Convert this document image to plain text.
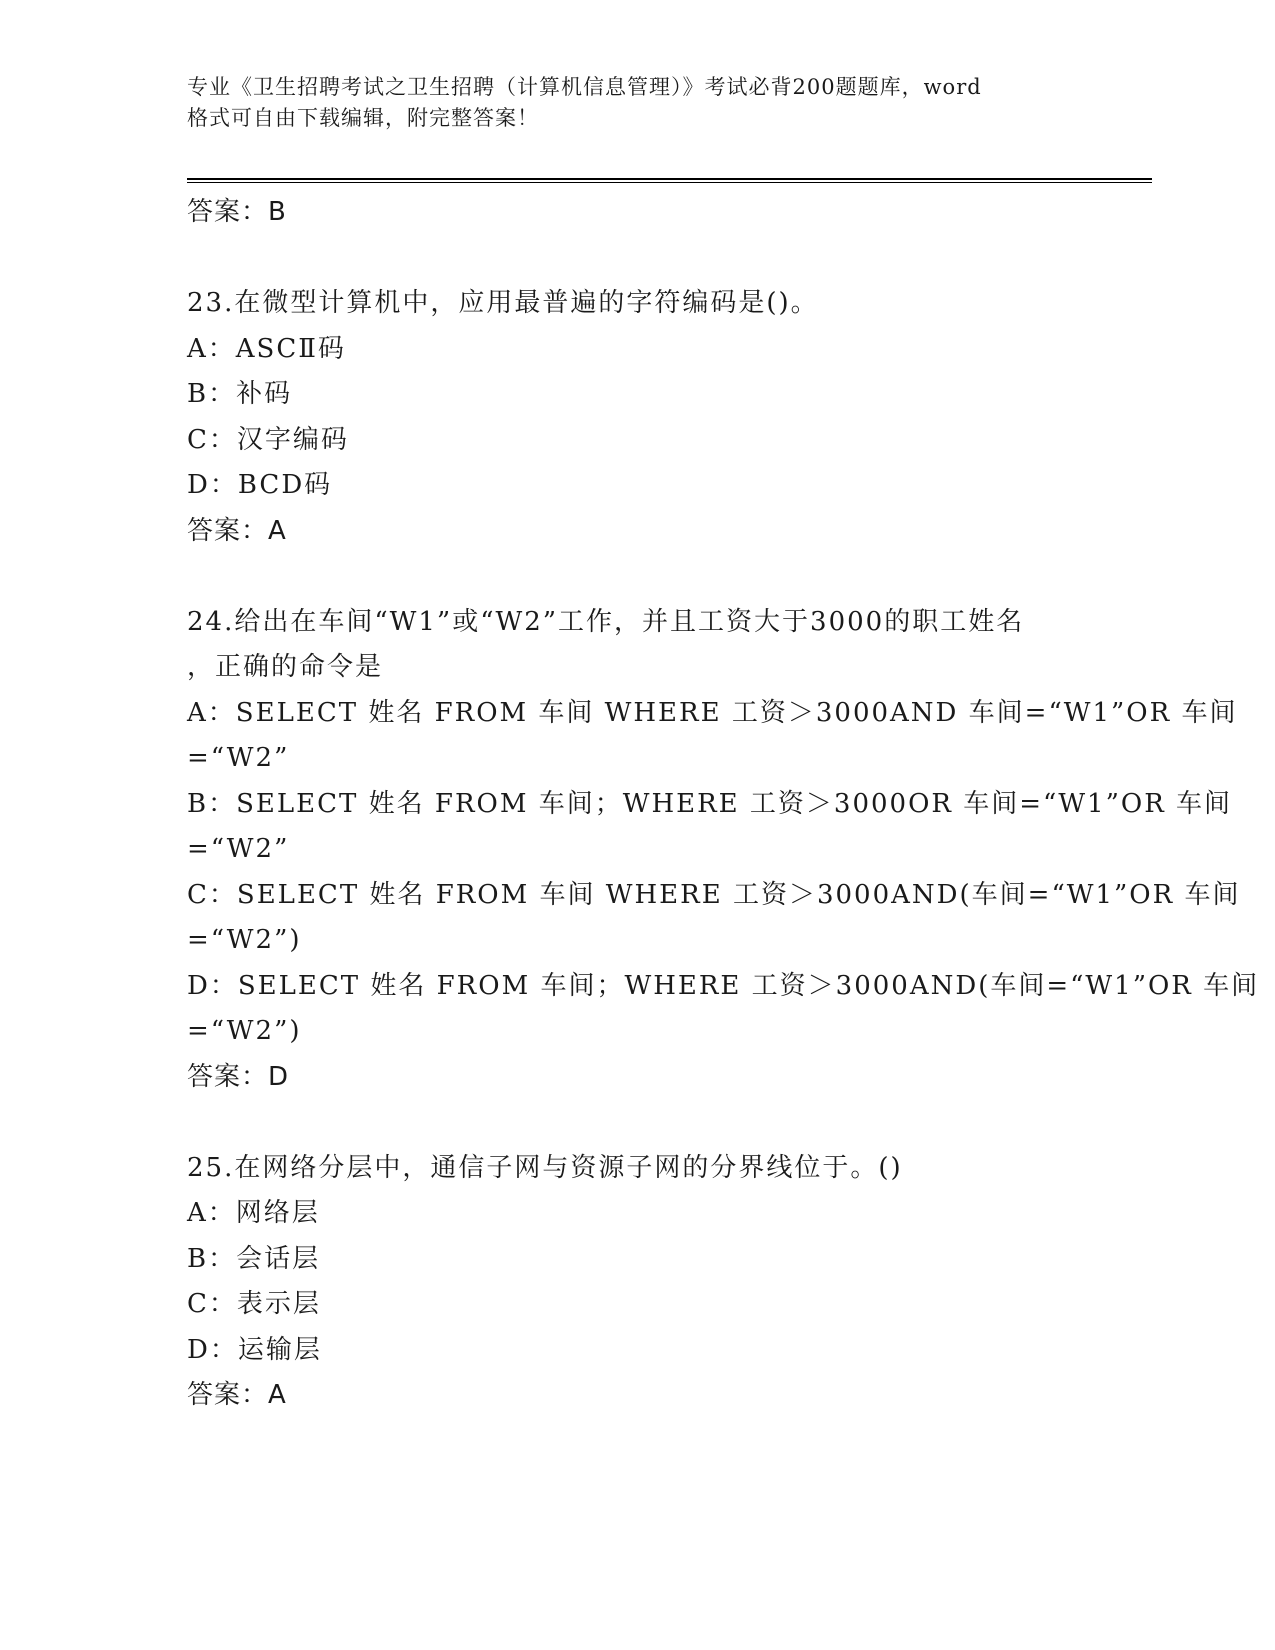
专业《卫生招聘考试之卫生招聘（计算机信息管理）》考试必背200题题库，word
格式可自由下载编辑，附完整答案！
答案：B
23.在微型计算机中，应用最普遍的字符编码是()。
A：ASCⅡ码
B：补码
C：汉字编码
D：BCD码
答案：A
24.给出在车间“W1”或“W2”工作，并且工资大于3000的职工姓名
，正确的命令是
A：SELECT 姓名 FROM 车间 WHERE 工资＞3000AND 车间=“W1”OR 车间
=“W2”
B：SELECT 姓名 FROM 车间；WHERE 工资＞3000OR 车间=“W1”OR 车间
=“W2”
C：SELECT 姓名 FROM 车间 WHERE 工资＞3000AND(车间=“W1”OR 车间
=“W2”)
D：SELECT 姓名 FROM 车间；WHERE 工资＞3000AND(车间=“W1”OR 车间
=“W2”)
答案：D
25.在网络分层中，通信子网与资源子网的分界线位于。()
A：网络层
B：会话层
C：表示层
D：运输层
答案：A
